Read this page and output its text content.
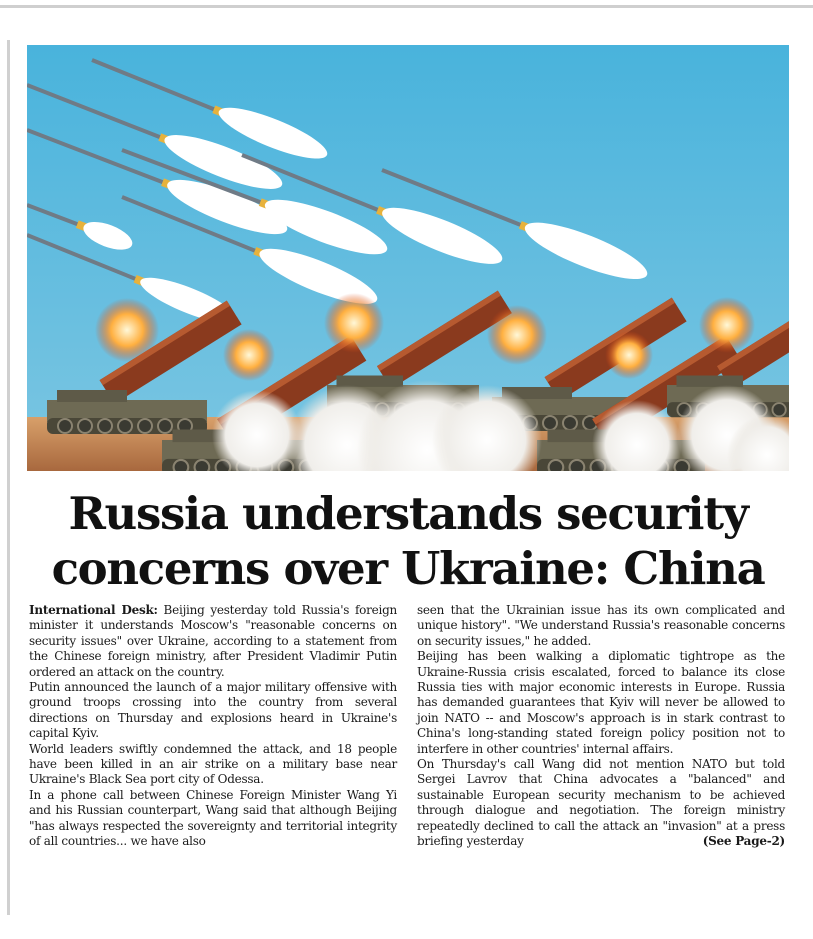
Russia understands security concerns over Ukraine: China

International Desk: Beijing yesterday told Russia's foreign minister it understands Moscow's "reasonable concerns on security issues" over Ukraine, according to a statement from the Chinese foreign ministry, after President Vladimir Putin ordered an attack on the country.

Putin announced the launch of a major military offensive with ground troops crossing into the country from several directions on Thursday and explosions heard in Ukraine's capital Kyiv.

World leaders swiftly condemned the attack, and 18 people have been killed in an air strike on a military base near Ukraine's Black Sea port city of Odessa.

In a phone call between Chinese Foreign Minister Wang Yi and his Russian counterpart, Wang said that although Beijing "has always respected the sovereignty and territorial integrity of all countries... we have also

seen that the Ukrainian issue has its own complicated and unique history". "We understand Russia's reasonable concerns on security issues," he added.

Beijing has been walking a diplomatic tightrope as the Ukraine-Russia crisis escalated, forced to balance its close Russia ties with major economic interests in Europe. Russia has demanded guarantees that Kyiv will never be allowed to join NATO -- and Moscow's approach is in stark contrast to China's long-standing stated foreign policy position not to interfere in other countries' internal affairs.

On Thursday's call Wang did not mention NATO but told Sergei Lavrov that China advocates a "balanced" and sustainable European security mechanism to be achieved through dialogue and negotiation. The foreign ministry repeatedly declined to call the attack an "invasion" at a press briefing yesterday	(See Page-2)
